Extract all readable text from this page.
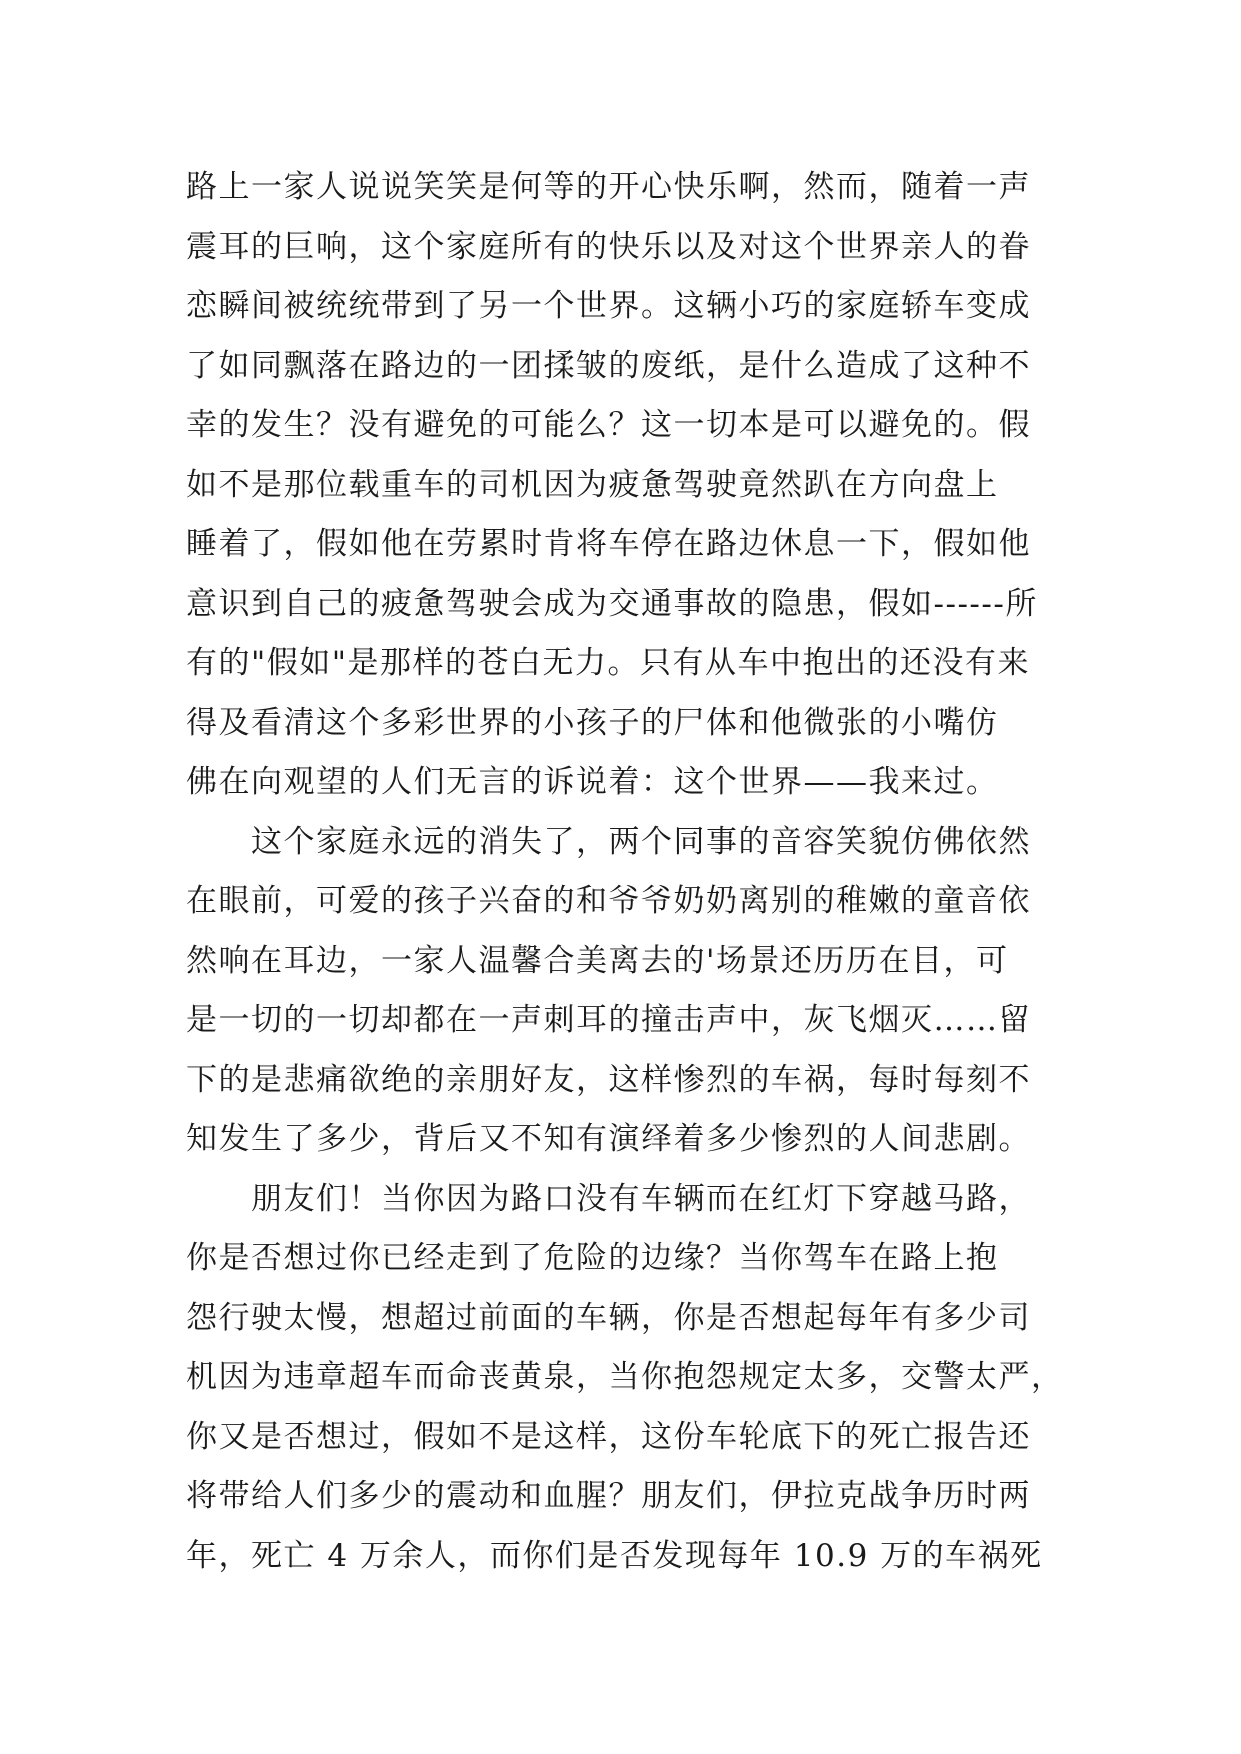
路上一家人说说笑笑是何等的开心快乐啊，然而，随着一声
震耳的巨响，这个家庭所有的快乐以及对这个世界亲人的眷
恋瞬间被统统带到了另一个世界。这辆小巧的家庭轿车变成
了如同飘落在路边的一团揉皱的废纸，是什么造成了这种不
幸的发生？没有避免的可能么？这一切本是可以避免的。假
如不是那位载重车的司机因为疲惫驾驶竟然趴在方向盘上
睡着了，假如他在劳累时肯将车停在路边休息一下，假如他
意识到自己的疲惫驾驶会成为交通事故的隐患，假如------所
有的"假如"是那样的苍白无力。只有从车中抱出的还没有来
得及看清这个多彩世界的小孩子的尸体和他微张的小嘴仿
佛在向观望的人们无言的诉说着：这个世界——我来过。
　　这个家庭永远的消失了，两个同事的音容笑貌仿佛依然
在眼前，可爱的孩子兴奋的和爷爷奶奶离别的稚嫩的童音依
然响在耳边，一家人温馨合美离去的'场景还历历在目，可
是一切的一切却都在一声刺耳的撞击声中，灰飞烟灭……留
下的是悲痛欲绝的亲朋好友，这样惨烈的车祸，每时每刻不
知发生了多少，背后又不知有演绎着多少惨烈的人间悲剧。
　　朋友们！当你因为路口没有车辆而在红灯下穿越马路，
你是否想过你已经走到了危险的边缘？当你驾车在路上抱
怨行驶太慢，想超过前面的车辆，你是否想起每年有多少司
机因为违章超车而命丧黄泉，当你抱怨规定太多，交警太严，
你又是否想过，假如不是这样，这份车轮底下的死亡报告还
将带给人们多少的震动和血腥？朋友们，伊拉克战争历时两
年，死亡 4 万余人，而你们是否发现每年 10.9 万的车祸死
